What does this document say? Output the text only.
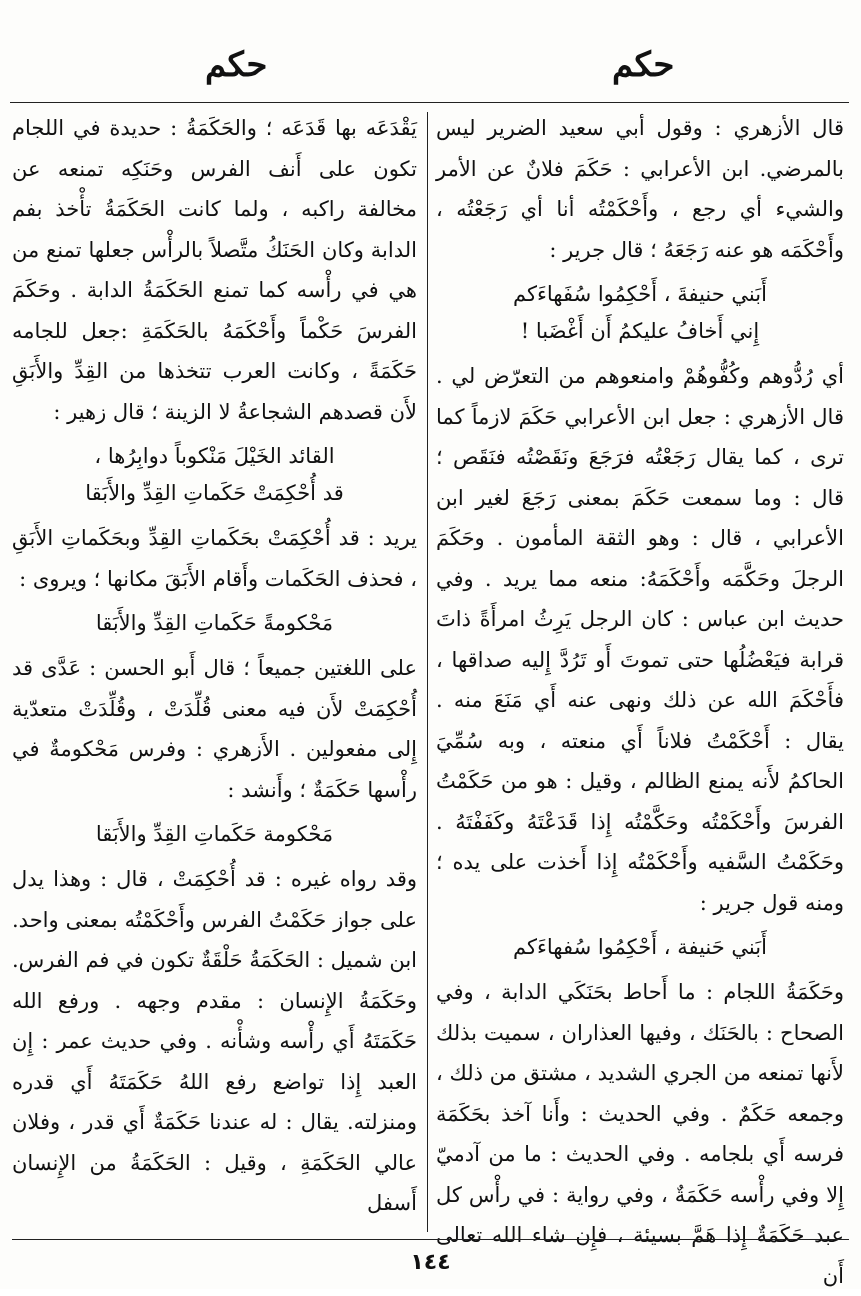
حكم
حكم

قال الأزهري : وقول أبي سعيد الضرير ليس بالمرضي. ابن الأعرابي : حَكَمَ فلانٌ عن الأمر والشيء أي رجع ، وأَحْكَمْتُه أنا أي رَجَعْتُه ، وأَحْكَمَه هو عنه رَجَعَهُ ؛ قال جرير :

أَبَني حنيفةَ ، أَحْكِمُوا سُفَهاءَكم
إِني أَخافُ عليكمُ أَن أَغْضَبا !

أي رُدُّوهم وكُفُّوهُمْ وامنعوهم من التعرّض لي . قال الأزهري : جعل ابن الأعرابي حَكَمَ لازماً كما ترى ، كما يقال رَجَعْتُه فرَجَعَ ونَقَصْتُه فنَقَص ؛ قال : وما سمعت حَكَمَ بمعنى رَجَعَ لغير ابن الأعرابي ، قال : وهو الثقة المأمون . وحَكَمَ الرجلَ وحَكَّمَه وأَحْكَمَهُ: منعه مما يريد . وفي حديث ابن عباس : كان الرجل يَرِثُ امرأَةً ذاتَ قرابة فيَعْضُلُها حتى تموتَ أَو تَرُدَّ إِليه صداقها ، فأَحْكَمَ الله عن ذلك ونهى عنه أَي مَنَعَ منه . يقال : أَحْكَمْتُ فلاناً أَي منعته ، وبه سُمِّيَ الحاكمُ لأَنه يمنع الظالم ، وقيل : هو من حَكَمْتُ الفرسَ وأَحْكَمْتُه وحَكَّمْتُه إِذا قَدَعْتَهُ وكَفَفْتَهُ . وحَكَمْتُ السَّفيه وأَحْكَمْتُه إِذا أَخذت على يده ؛ ومنه قول جرير :

أَبَني حَنيفة ، أَحْكِمُوا سُفهاءَكم

وحَكَمَةُ اللجام : ما أَحاط بحَنَكَي الدابة ، وفي الصحاح : بالحَنَك ، وفيها العذاران ، سميت بذلك لأَنها تمنعه من الجري الشديد ، مشتق من ذلك ، وجمعه حَكَمٌ . وفي الحديث : وأَنا آخذ بحَكَمَة فرسه أَي بلجامه . وفي الحديث : ما من آدميّ إِلا وفي رأْسه حَكَمَةٌ ، وفي رواية : في رأْس كل عبد حَكَمَةٌ إِذا هَمَّ بسيئة ، فإِن شاء الله تعالى أَن

يَقْدَعَه بها قَدَعَه ؛ والحَكَمَةُ : حديدة في اللجام تكون على أَنف الفرس وحَنَكِه تمنعه عن مخالفة راكبه ، ولما كانت الحَكَمَةُ تأْخذ بفم الدابة وكان الحَنَكُ متَّصلاً بالرأْس جعلها تمنع من هي في رأْسه كما تمنع الحَكَمَةُ الدابة . وحَكَمَ الفرسَ حَكْماً وأَحْكَمَهُ بالحَكَمَةِ :جعل للجامه حَكَمَةً ، وكانت العرب تتخذها من القِدِّ والأَبَقِ لأَن قصدهم الشجاعةُ لا الزينة ؛ قال زهير :

القائد الخَيْلَ مَنْكوباً دوابِرُها ،
قد أُحْكِمَتْ حَكَماتِ القِدِّ والأَبَقا

يريد : قد أُحْكِمَتْ بحَكَماتِ القِدِّ وبحَكَماتِ الأَبَقِ ، فحذف الحَكَمات وأَقام الأَبَقَ مكانها ؛ ويروى :

مَحْكومةً حَكَماتِ القِدِّ والأَبَقا

على اللغتين جميعاً ؛ قال أَبو الحسن : عَدَّى قد أُحْكِمَتْ لأَن فيه معنى قُلِّدَتْ ، وقُلِّدَتْ متعدّية إِلى مفعولين . الأَزهري : وفرس مَحْكومةٌ في رأْسها حَكَمَةٌ ؛ وأَنشد :

مَحْكومة حَكَماتِ القِدِّ والأَبَقا

وقد رواه غيره : قد أُحْكِمَتْ ، قال : وهذا يدل على جواز حَكَمْتُ الفرس وأَحْكَمْتُه بمعنى واحد. ابن شميل : الحَكَمَةُ حَلْقَةٌ تكون في فم الفرس. وحَكَمَةُ الإِنسان : مقدم وجهه . ورفع الله حَكَمَتَهُ أَي رأْسه وشأْنه . وفي حديث عمر : إِن العبد إِذا تواضع رفع اللهُ حَكَمَتَهُ أَي قدره ومنزلته. يقال : له عندنا حَكَمَةٌ أَي قدر ، وفلان عالي الحَكَمَةِ ، وقيل : الحَكَمَةُ من الإِنسان أَسفل

١٤٤
